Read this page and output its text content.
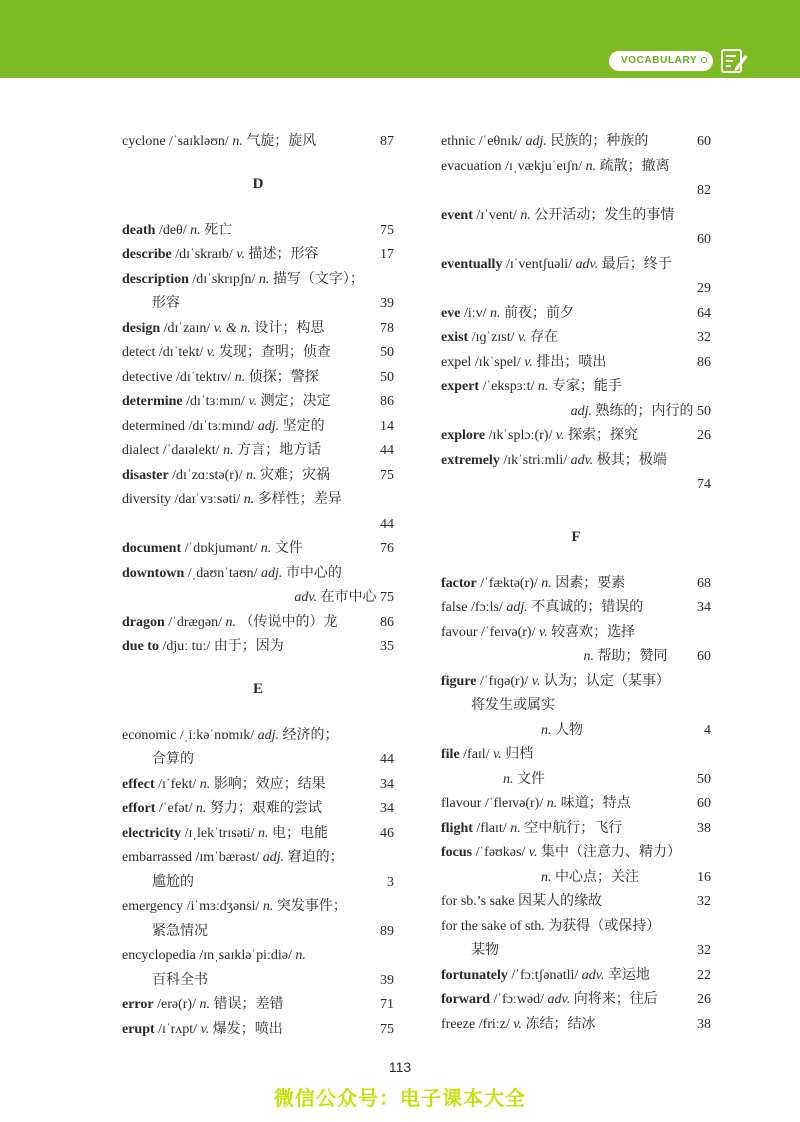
VOCABULARY
cyclone /ˈsaɪkləʊn/ n. 气旋；旋风	87
D
death /deθ/ n. 死亡	75
describe /dɪˈskraɪb/ v. 描述；形容	17
description /dɪˈskrɪpʃn/ n. 描写（文字）；
形容	39
design /dɪˈzaɪn/ v. & n. 设计；构思	78
detect /dɪˈtekt/ v. 发现；查明；侦查	50
detective /dɪˈtektɪv/ n. 侦探；警探	50
determine /dɪˈtɜːmɪn/ v. 测定；决定	86
determined /dɪˈtɜːmɪnd/ adj. 坚定的	14
dialect /ˈdaɪəlekt/ n. 方言；地方话	44
disaster /dɪˈzɑːstə(r)/ n. 灾难；灾祸	75
diversity /daɪˈvɜːsəti/ n. 多样性；差异
44
document /ˈdɒkjumənt/ n. 文件	76
downtown /ˌdaʊnˈtaʊn/ adj. 市中心的
adv. 在市中心 75
dragon /ˈdræɡən/ n. （传说中的）龙	86
due to /djuː tuː/ 由于；因为	35
E
economic /ˌiːkəˈnɒmɪk/ adj. 经济的；
合算的	44
effect /ɪˈfekt/ n. 影响；效应；结果	34
effort /ˈefət/ n. 努力；艰难的尝试	34
electricity /ɪˌlekˈtrɪsəti/ n. 电；电能	46
embarrassed /ɪmˈbærəst/ adj. 窘迫的；
尴尬的	3
emergency /iˈmɜːdʒənsi/ n. 突发事件；
紧急情况	89
encyclopedia /ɪnˌsaɪkləˈpiːdiə/ n.
百科全书	39
error /erə(r)/ n. 错误；差错	71
erupt /ɪˈrʌpt/ v. 爆发；喷出	75
ethnic /ˈeθnɪk/ adj. 民族的；种族的	60
evacuation /ɪˌvækjuˈeɪʃn/ n. 疏散；撤离
82
event /ɪˈvent/ n. 公开活动；发生的事情
60
eventually /ɪˈventʃuəli/ adv. 最后；终于
29
eve /iːv/ n. 前夜；前夕	64
exist /ɪɡˈzɪst/ v. 存在	32
expel /ɪkˈspel/ v. 排出；喷出	86
expert /ˈekspɜːt/ n. 专家；能手
adj. 熟练的；内行的 50
explore /ɪkˈsplɔː(r)/ v. 探索；探究	26
extremely /ɪkˈstriːmli/ adv. 极其；极端
74
F
factor /ˈfæktə(r)/ n. 因素；要素	68
false /fɔːls/ adj. 不真诚的；错误的	34
favour /ˈfeɪvə(r)/ v. 较喜欢；选择
n. 帮助；赞同 60
figure /ˈfɪɡə(r)/ v. 认为；认定（某事）
将发生或属实
n. 人物	4
file /faɪl/ v. 归档
n. 文件	50
flavour /ˈfleɪvə(r)/ n. 味道；特点	60
flight /flaɪt/ n. 空中航行；飞行	38
focus /ˈfəʊkəs/ v. 集中（注意力、精力）
n. 中心点；关注	16
for sb.’s sake 因某人的缘故	32
for the sake of sth. 为获得（或保持）
某物	32
fortunately /ˈfɔːtʃənətli/ adv. 幸运地	22
forward /ˈfɔːwəd/ adv. 向将来；往后	26
freeze /friːz/ v. 冻结；结冰	38
113
微信公众号：电子课本大全
